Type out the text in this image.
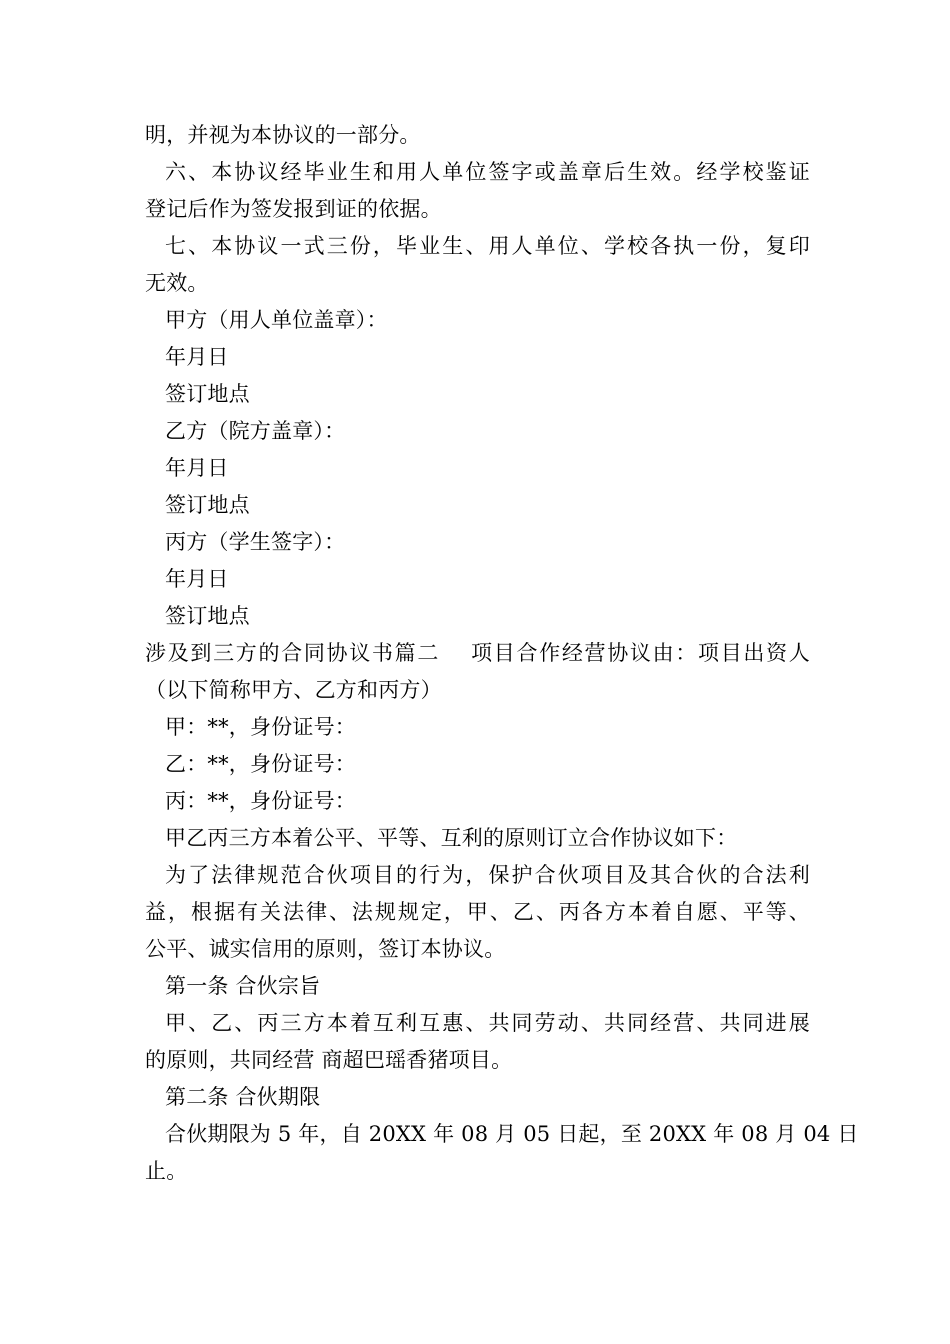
明，并视为本协议的一部分。
六、本协议经毕业生和用人单位签字或盖章后生效。经学校鉴证
登记后作为签发报到证的依据。
七、本协议一式三份，毕业生、用人单位、学校各执一份，复印
无效。
甲方（用人单位盖章）：
年月日
签订地点
乙方（院方盖章）：
年月日
签订地点
丙方（学生签字）：
年月日
签订地点
涉及到三方的合同协议书篇二　 项目合作经营协议由：项目出资人
（以下简称甲方、乙方和丙方）
甲：**，身份证号：
乙：**，身份证号：
丙：**，身份证号：
甲乙丙三方本着公平、平等、互利的原则订立合作协议如下：
为了法律规范合伙项目的行为，保护合伙项目及其合伙的合法利
益，根据有关法律、法规规定，甲、乙、丙各方本着自愿、平等、
公平、诚实信用的原则，签订本协议。
第一条 合伙宗旨
甲、乙、丙三方本着互利互惠、共同劳动、共同经营、共同进展
的原则，共同经营 商超巴瑶香猪项目。
第二条 合伙期限
合伙期限为 5 年，自 20XX 年 08 月 05 日起，至 20XX 年 08 月 04 日
止。
